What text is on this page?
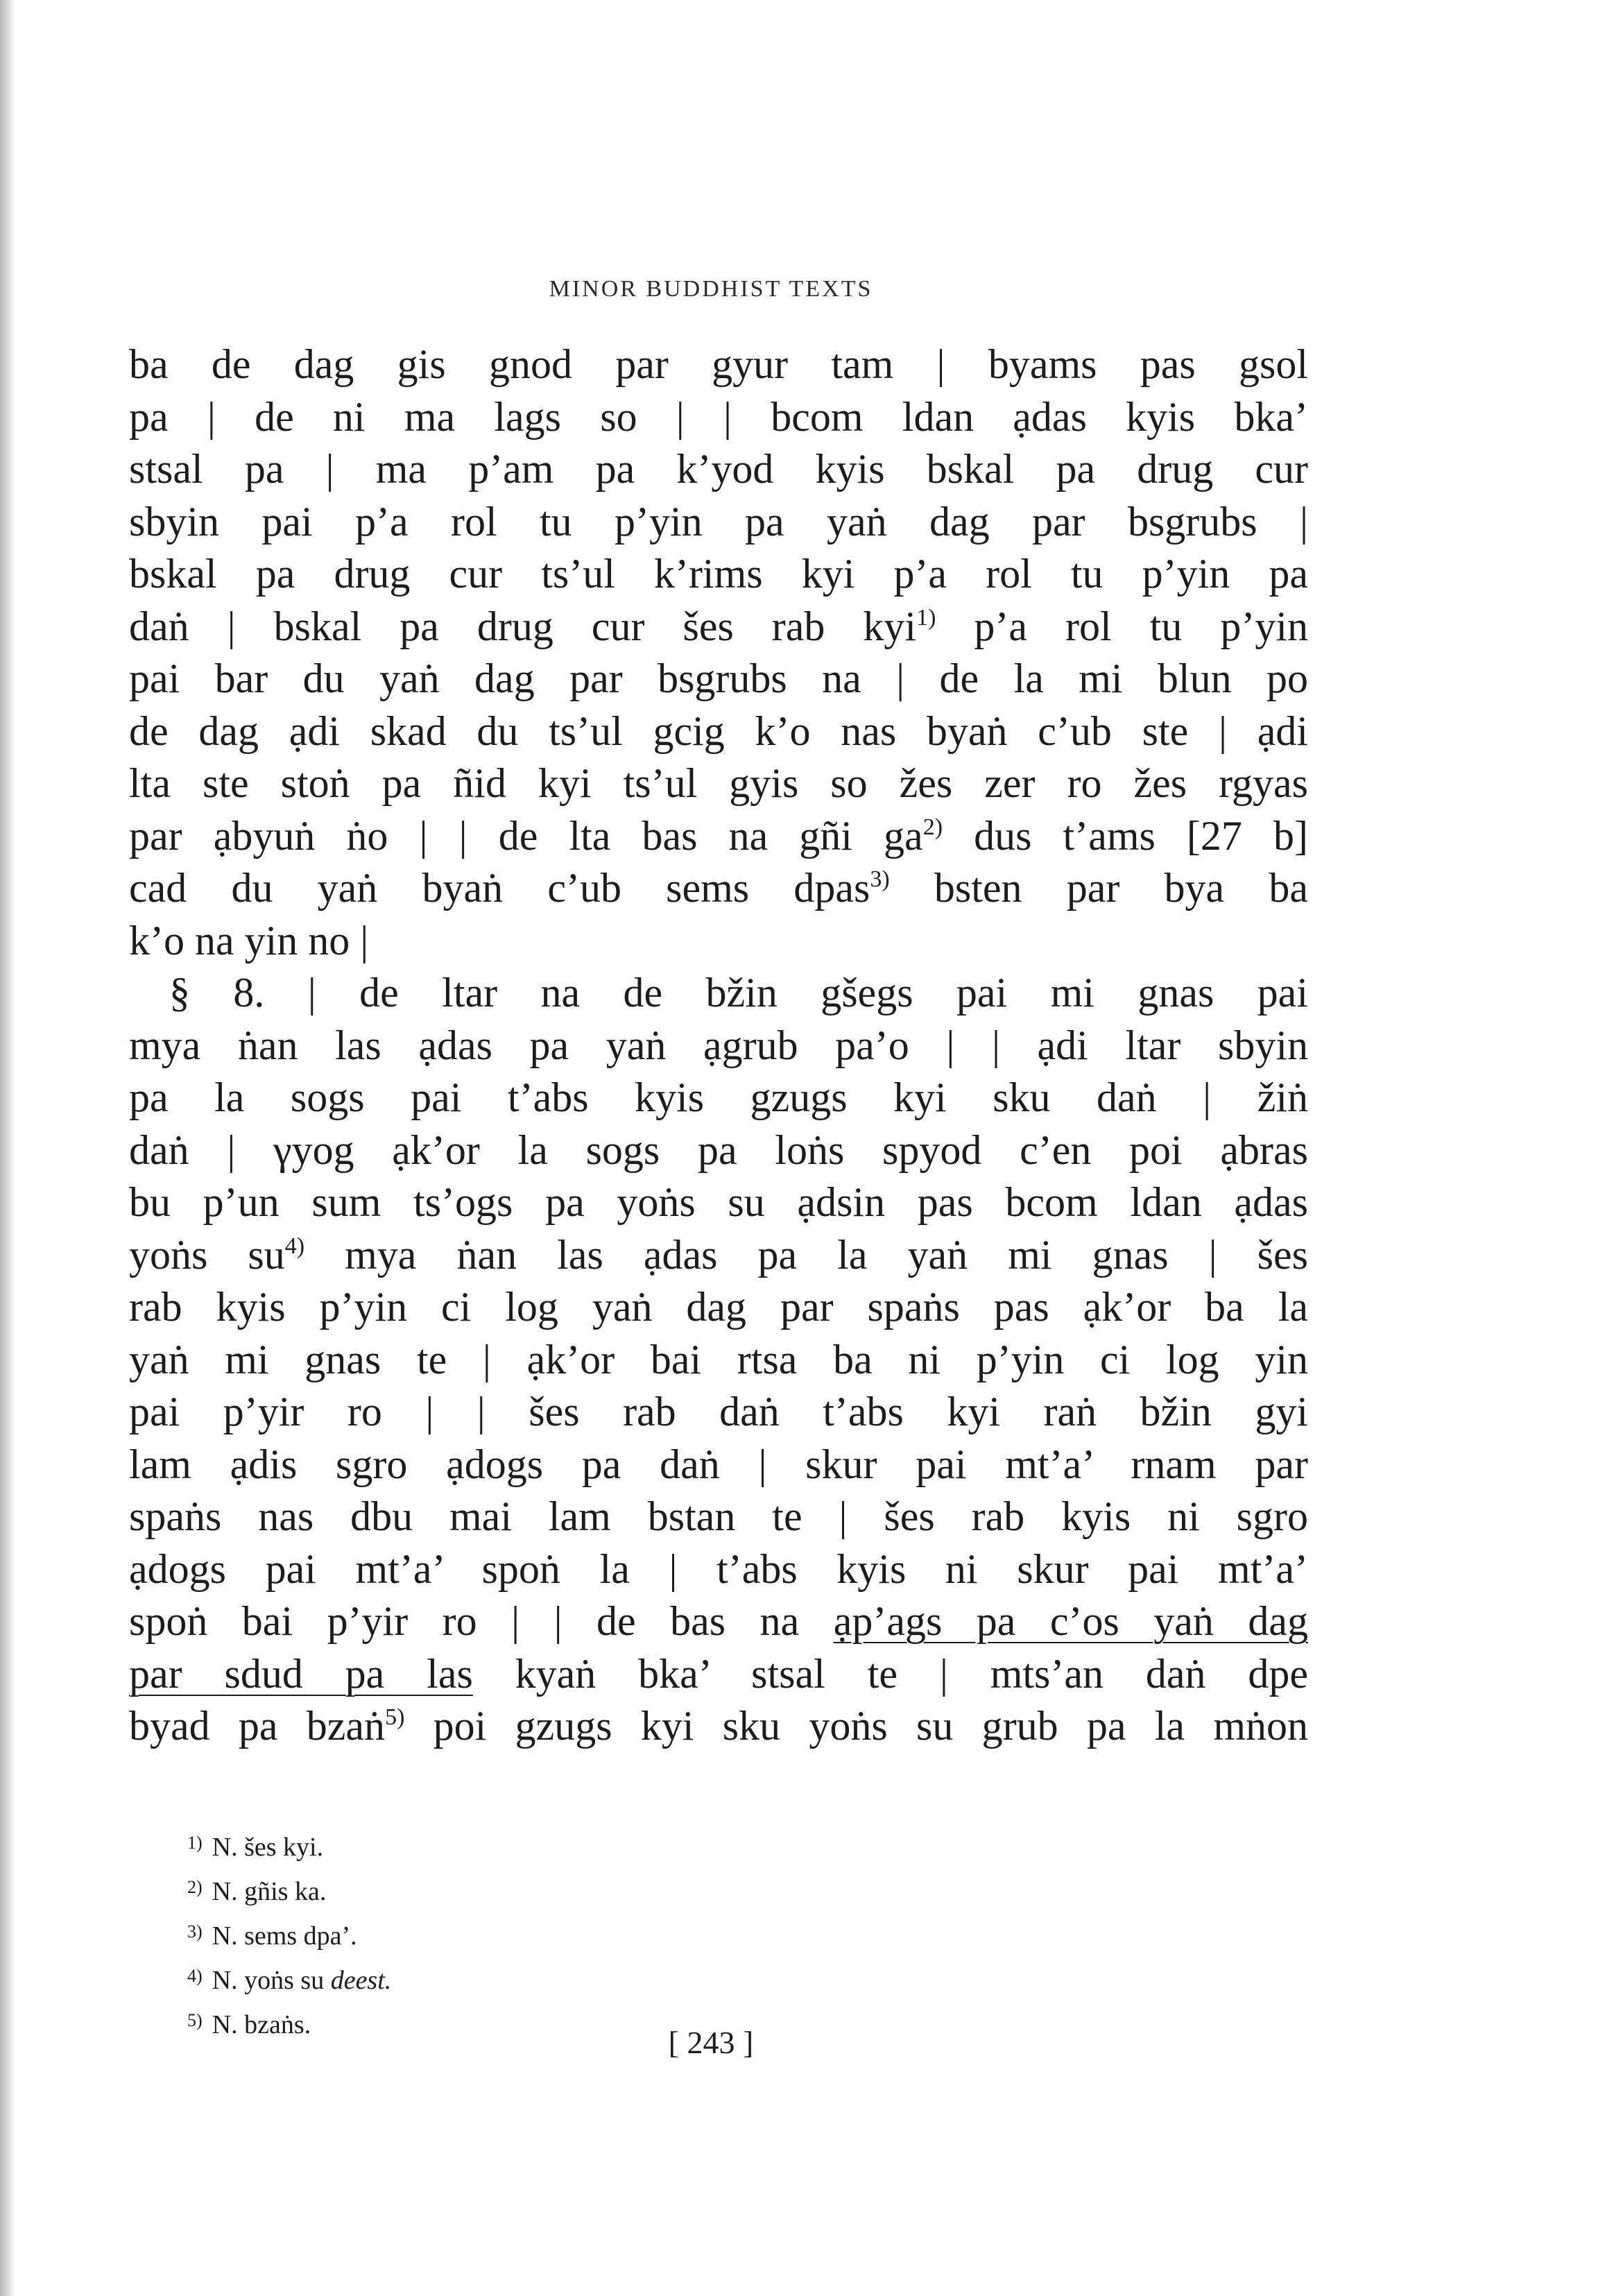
MINOR BUDDHIST TEXTS
ba de dag gis gnod par gyur tam | byams pas gsol
pa | de ni ma lags so | | bcom ldan ạdas kyis bka’
stsal pa | ma p’am pa k’yod kyis bskal pa drug cur
sbyin pai p’a rol tu p’yin pa yaṅ dag par bsgrubs |
bskal pa drug cur ts’ul k’rims kyi p’a rol tu p’yin pa
daṅ | bskal pa drug cur šes rab kyi$^{1)}$ p’a rol tu p’yin
pai bar du yaṅ dag par bsgrubs na | de la mi blun po
de dag ạdi skad du ts’ul gcig k’o nas byaṅ c’ub ste | ạdi
lta ste stoṅ pa ñid kyi ts’ul gyis so žes zer ro žes rgyas
par ạbyuṅ ṅo | | de lta bas na gñi ga$^{2)}$ dus t’ams [27 b]
cad du yaṅ byaṅ c’ub sems dpas$^{3)}$ bsten par bya ba
k’o na yin no |
§ 8. | de ltar na de bžin gšegs pai mi gnas pai
mya ṅan las ạdas pa yaṅ ạgrub pa’o | | ạdi ltar sbyin
pa la sogs pai t’abs kyis gzugs kyi sku daṅ | žiṅ
daṅ | γyog ạk’or la sogs pa loṅs spyod c’en poi ạbras
bu p’un sum ts’ogs pa yoṅs su ạdsin pas bcom ldan ạdas
yoṅs su$^{4)}$ mya ṅan las ạdas pa la yaṅ mi gnas | šes
rab kyis p’yin ci log yaṅ dag par spaṅs pas ạk’or ba la
yaṅ mi gnas te | ạk’or bai rtsa ba ni p’yin ci log yin
pai p’yir ro | | šes rab daṅ t’abs kyi raṅ bžin gyi
lam ạdis sgro ạdogs pa daṅ | skur pai mt’a’ rnam par
spaṅs nas dbu mai lam bstan te | šes rab kyis ni sgro
ạdogs pai mt’a’ spoṅ la | t’abs kyis ni skur pai mt’a’
spoṅ bai p’yir ro | | de bas na ạp’ags pa c’os yaṅ dag
par sdud pa las kyaṅ bka’ stsal te | mts’an daṅ dpe
byad pa bzaṅ$^{5)}$ poi gzugs kyi sku yoṅs su grub pa la mṅon
$^{1)}$ N. šes kyi.
$^{2)}$ N. gñis ka.
$^{3)}$ N. sems dpa’.
$^{4)}$ N. yoṅs su deest.
$^{5)}$ N. bzaṅs.	[ 243 ]
